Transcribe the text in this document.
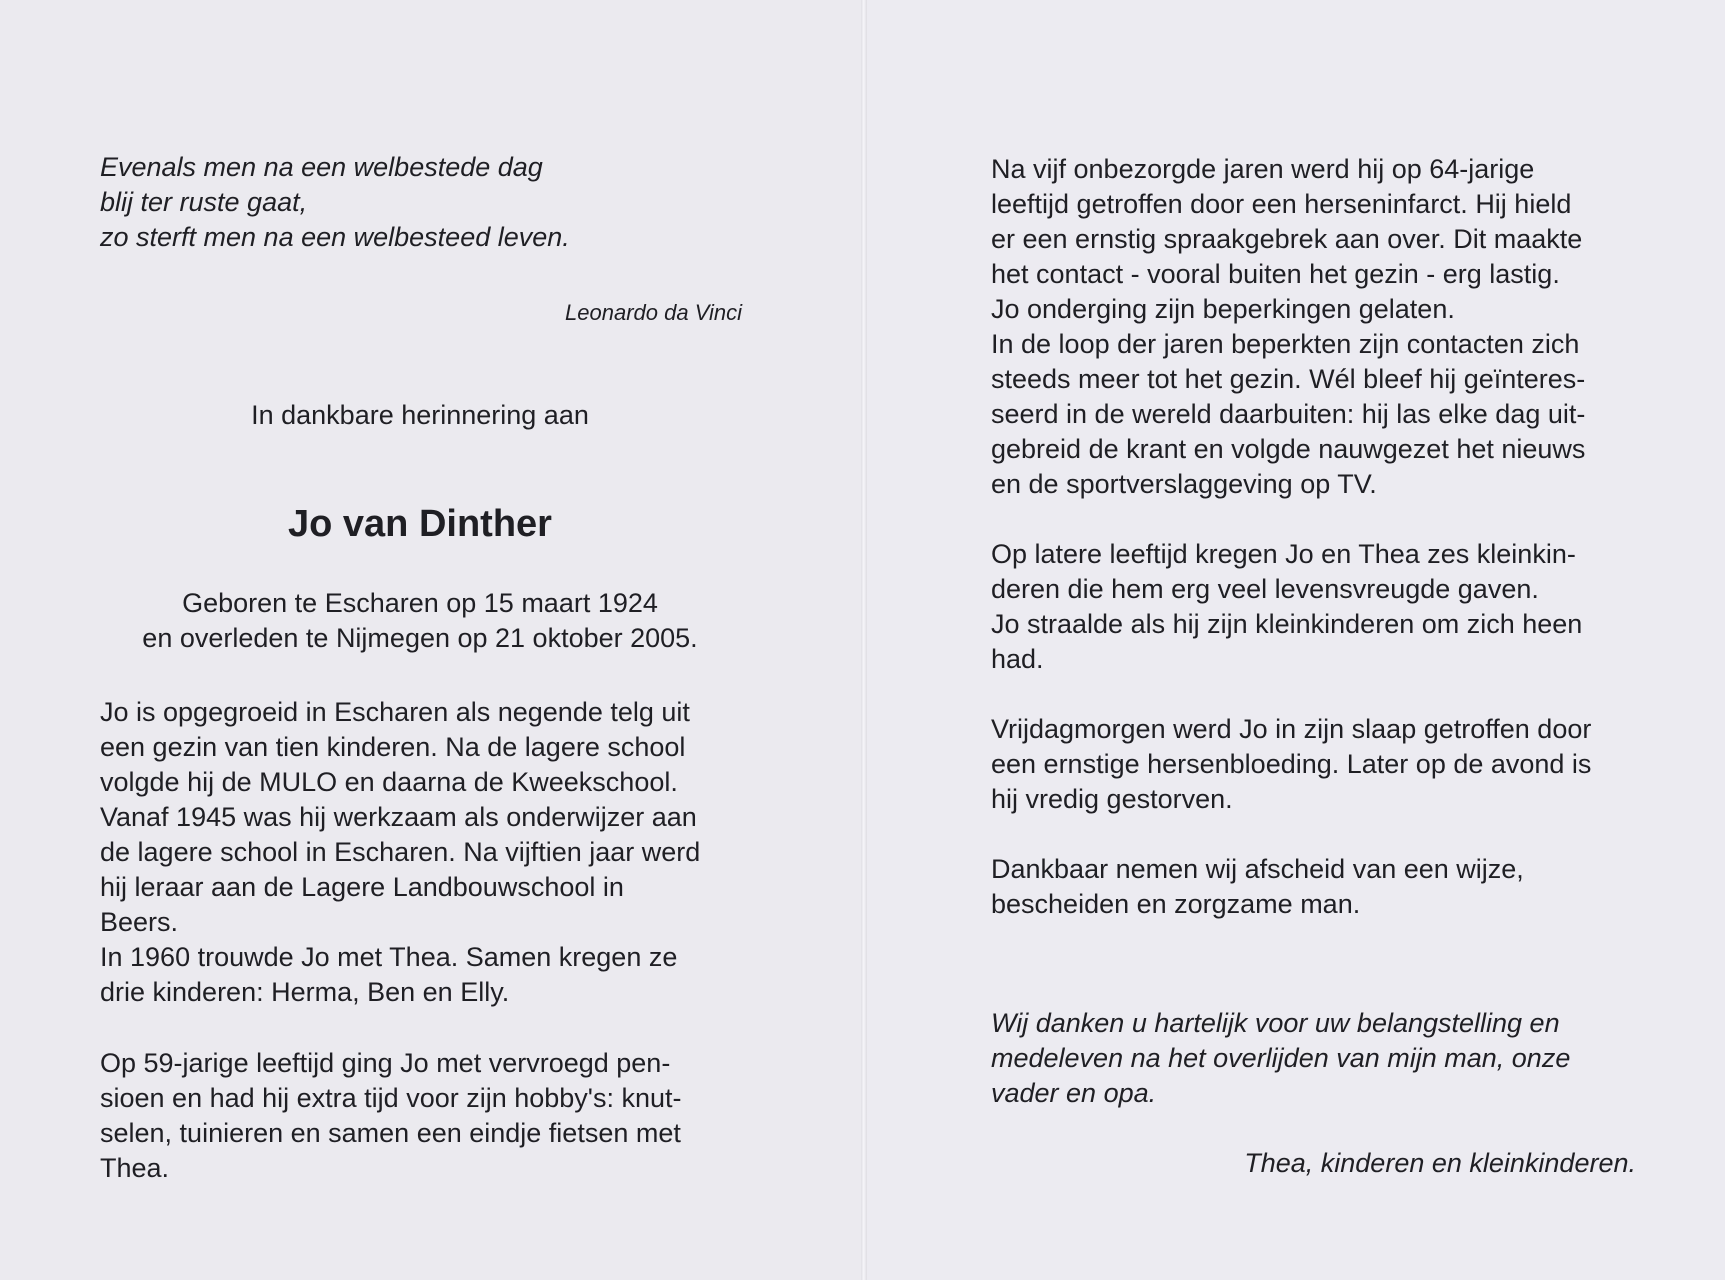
Evenals men na een welbestede dag

blij ter ruste gaat,

zo sterft men na een welbesteed leven.

Leonardo da Vinci
In dankbare herinnering aan
Jo van Dinther

Geboren te Escharen op 15 maart 1924

en overleden te Nijmegen op 21 oktober 2005.

Jo is opgegroeid in Escharen als negende telg uit

een gezin van tien kinderen. Na de lagere school

volgde hij de MULO en daarna de Kweekschool.

Vanaf 1945 was hij werkzaam als onderwijzer aan

de lagere school in Escharen. Na vijftien jaar werd

hij leraar aan de Lagere Landbouwschool in

Beers.

In 1960 trouwde Jo met Thea. Samen kregen ze

drie kinderen: Herma, Ben en Elly.

Op 59-jarige leeftijd ging Jo met vervroegd pen-

sioen en had hij extra tijd voor zijn hobby's: knut-

selen, tuinieren en samen een eindje fietsen met

Thea.

Na vijf onbezorgde jaren werd hij op 64-jarige

leeftijd getroffen door een herseninfarct. Hij hield

er een ernstig spraakgebrek aan over. Dit maakte

het contact - vooral buiten het gezin - erg lastig.

Jo onderging zijn beperkingen gelaten.

In de loop der jaren beperkten zijn contacten zich

steeds meer tot het gezin. Wél bleef hij geïnteres-

seerd in de wereld daarbuiten: hij las elke dag uit-

gebreid de krant en volgde nauwgezet het nieuws

en de sportverslaggeving op TV.

Op latere leeftijd kregen Jo en Thea zes kleinkin-

deren die hem erg veel levensvreugde gaven.

Jo straalde als hij zijn kleinkinderen om zich heen

had.

Vrijdagmorgen werd Jo in zijn slaap getroffen door

een ernstige hersenbloeding. Later op de avond is

hij vredig gestorven.

Dankbaar nemen wij afscheid van een wijze,

bescheiden en zorgzame man.

Wij danken u hartelijk voor uw belangstelling en

medeleven na het overlijden van mijn man, onze

vader en opa.

Thea, kinderen en kleinkinderen.
